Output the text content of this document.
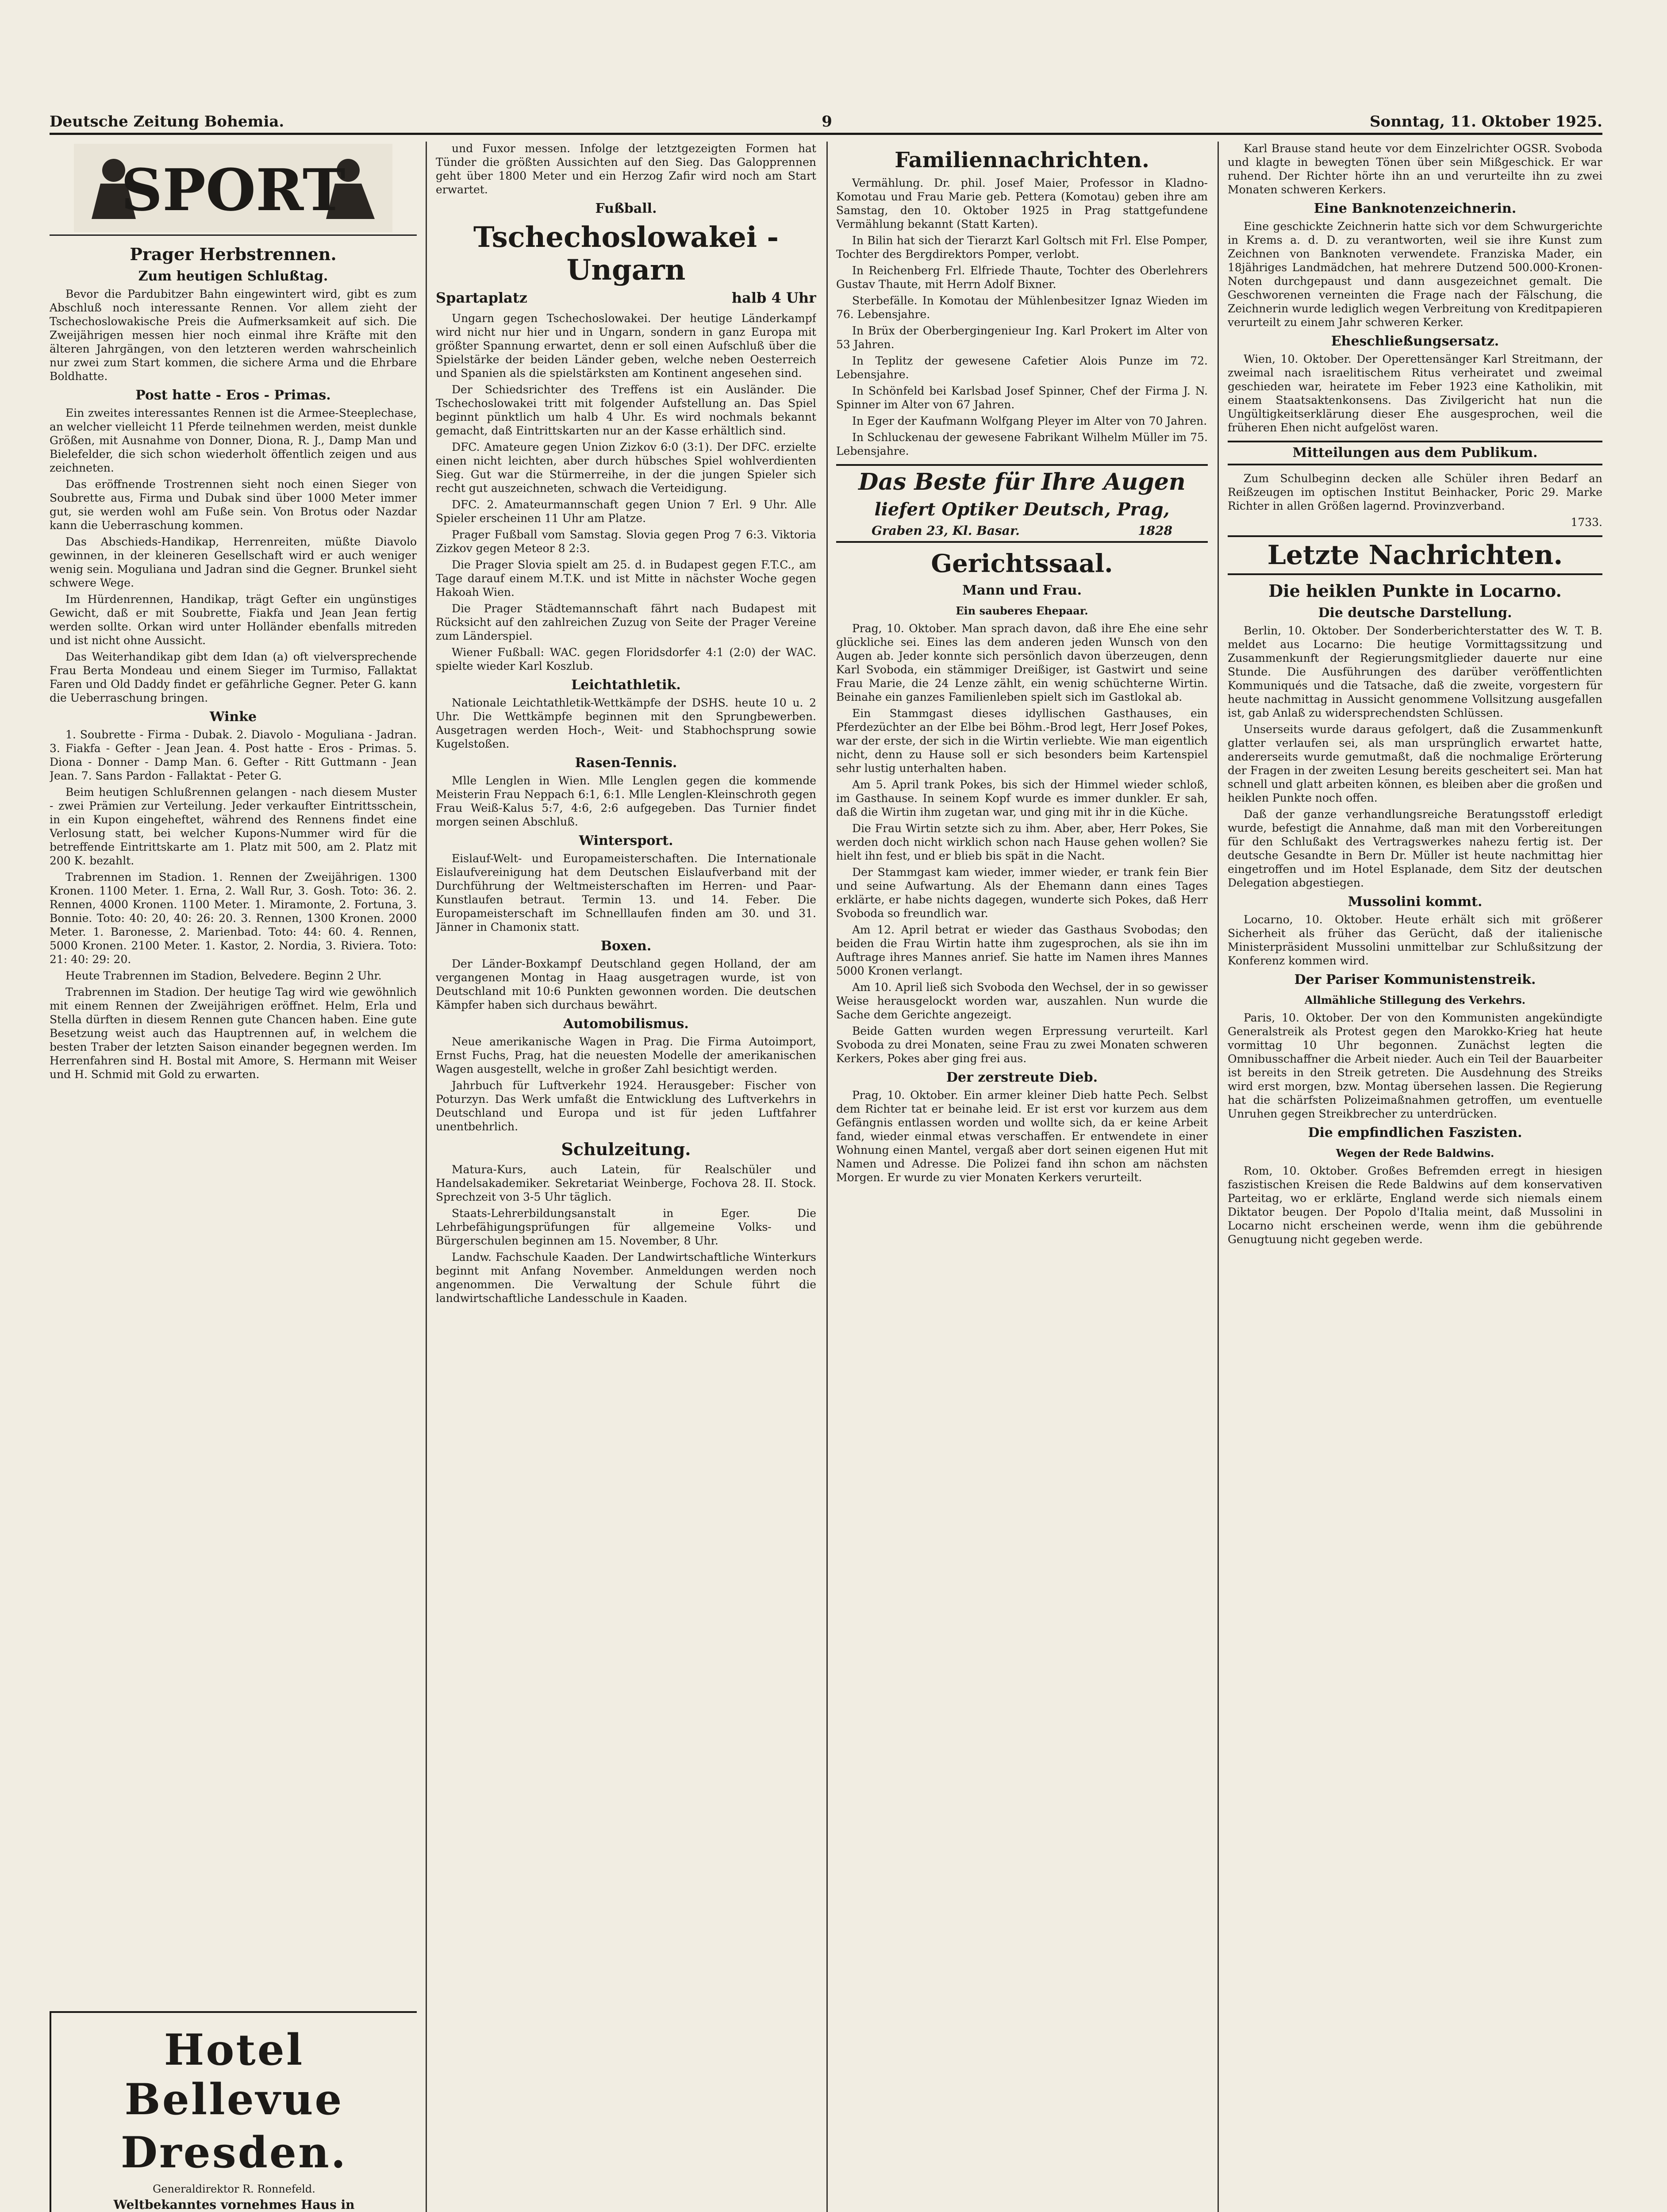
Deutsche Zeitung Bohemia.	9	Sonntag, 11. Oktober 1925.
SPORT
Prager Herbstrennen.
Zum heutigen Schlußtag.

Bevor die Pardubitzer Bahn eingewintert wird, gibt es zum Abschluß noch interessante Rennen. Vor allem zieht der Tschechoslowakische Preis die Aufmerksamkeit auf sich. Die Zweijährigen messen hier noch einmal ihre Kräfte mit den älteren Jahrgängen, von den letzteren werden wahrscheinlich nur zwei zum Start kommen, die sichere Arma und die Ehrbare Boldhatte.

Post hatte - Eros - Primas.

Ein zweites interessantes Rennen ist die Armee-Steeplechase, an welcher vielleicht 11 Pferde teilnehmen werden, meist dunkle Größen, mit Ausnahme von Donner, Diona, R. J., Damp Man und Bielefelder, die sich schon wiederholt öffentlich zeigen und aus zeichneten.

Das eröffnende Trostrennen sieht noch einen Sieger von Soubrette aus, Firma und Dubak sind über 1000 Meter immer gut, sie werden wohl am Fuße sein. Von Brotus oder Nazdar kann die Ueberraschung kommen.

Das Abschieds-Handikap, Herrenreiten, müßte Diavolo gewinnen, in der kleineren Gesellschaft wird er auch weniger wenig sein. Moguliana und Jadran sind die Gegner. Brunkel sieht schwere Wege.

Im Hürdenrennen, Handikap, trägt Gefter ein ungünstiges Gewicht, daß er mit Soubrette, Fiakfa und Jean Jean fertig werden sollte. Orkan wird unter Holländer ebenfalls mitreden und ist nicht ohne Aussicht.

Das Weiterhandikap gibt dem Idan (a) oft vielversprechende Frau Berta Mondeau und einem Sieger im Turmiso, Fallaktat Faren und Old Daddy findet er gefährliche Gegner. Peter G. kann die Ueberraschung bringen.

Winke

1. Soubrette - Firma - Dubak. 2. Diavolo - Moguliana - Jadran. 3. Fiakfa - Gefter - Jean Jean. 4. Post hatte - Eros - Primas. 5. Diona - Donner - Damp Man. 6. Gefter - Ritt Guttmann - Jean Jean. 7. Sans Pardon - Fallaktat - Peter G.

Beim heutigen Schlußrennen gelangen - nach diesem Muster - zwei Prämien zur Verteilung. Jeder verkaufter Eintrittsschein, in ein Kupon eingeheftet, während des Rennens findet eine Verlosung statt, bei welcher Kupons-Nummer wird für die betreffende Eintrittskarte am 1. Platz mit 500, am 2. Platz mit 200 K. bezahlt.

Trabrennen im Stadion. 1. Rennen der Zweijährigen. 1300 Kronen. 1100 Meter. 1. Erna, 2. Wall Rur, 3. Gosh. Toto: 36. 2. Rennen, 4000 Kronen. 1100 Meter. 1. Miramonte, 2. Fortuna, 3. Bonnie. Toto: 40: 20, 40: 26: 20. 3. Rennen, 1300 Kronen. 2000 Meter. 1. Baronesse, 2. Marienbad. Toto: 44: 60. 4. Rennen, 5000 Kronen. 2100 Meter. 1. Kastor, 2. Nordia, 3. Riviera. Toto: 21: 40: 29: 20.

Heute Trabrennen im Stadion, Belvedere. Beginn 2 Uhr.

Trabrennen im Stadion. Der heutige Tag wird wie gewöhnlich mit einem Rennen der Zweijährigen eröffnet. Helm, Erla und Stella dürften in diesem Rennen gute Chancen haben. Eine gute Besetzung weist auch das Hauptrennen auf, in welchem die besten Traber der letzten Saison einander begegnen werden. Im Herrenfahren sind H. Bostal mit Amore, S. Hermann mit Weiser und H. Schmid mit Gold zu erwarten.

Hotel Bellevue
Dresden.
Generaldirektor R. Ronnefeld.
Weltbekanntes vornehmes Haus in

und Fuxor messen. Infolge der letztgezeigten Formen hat Tünder die größten Aussichten auf den Sieg. Das Galopprennen geht über 1800 Meter und ein Herzog Zafir wird noch am Start erwartet.

Fußball.
Tschechoslowakei - Ungarn
Spartaplatz	halb 4 Uhr

Ungarn gegen Tschechoslowakei. Der heutige Länderkampf wird nicht nur hier und in Ungarn, sondern in ganz Europa mit größter Spannung erwartet, denn er soll einen Aufschluß über die Spielstärke der beiden Länder geben, welche neben Oesterreich und Spanien als die spielstärksten am Kontinent angesehen sind.

Der Schiedsrichter des Treffens ist ein Ausländer. Die Tschechoslowakei tritt mit folgender Aufstellung an. Das Spiel beginnt pünktlich um halb 4 Uhr. Es wird nochmals bekannt gemacht, daß Eintrittskarten nur an der Kasse erhältlich sind.

DFC. Amateure gegen Union Zizkov 6:0 (3:1). Der DFC. erzielte einen nicht leichten, aber durch hübsches Spiel wohlverdienten Sieg. Gut war die Stürmerreihe, in der die jungen Spieler sich recht gut auszeichneten, schwach die Verteidigung.

DFC. 2. Amateurmannschaft gegen Union 7 Erl. 9 Uhr. Alle Spieler erscheinen 11 Uhr am Platze.

Prager Fußball vom Samstag. Slovia gegen Prog 7 6:3. Viktoria Zizkov gegen Meteor 8 2:3.

Die Prager Slovia spielt am 25. d. in Budapest gegen F.T.C., am Tage darauf einem M.T.K. und ist Mitte in nächster Woche gegen Hakoah Wien.

Die Prager Städtemannschaft fährt nach Budapest mit Rücksicht auf den zahlreichen Zuzug von Seite der Prager Vereine zum Länderspiel.

Wiener Fußball: WAC. gegen Floridsdorfer 4:1 (2:0) der WAC. spielte wieder Karl Koszlub.

Leichtathletik.

Nationale Leichtathletik-Wettkämpfe der DSHS. heute 10 u. 2 Uhr. Die Wettkämpfe beginnen mit den Sprungbewerben. Ausgetragen werden Hoch-, Weit- und Stabhochsprung sowie Kugelstoßen.

Rasen-Tennis.

Mlle Lenglen in Wien. Mlle Lenglen gegen die kommende Meisterin Frau Neppach 6:1, 6:1. Mlle Lenglen-Kleinschroth gegen Frau Weiß-Kalus 5:7, 4:6, 2:6 aufgegeben. Das Turnier findet morgen seinen Abschluß.

Wintersport.

Eislauf-Welt- und Europameisterschaften. Die Internationale Eislaufvereinigung hat dem Deutschen Eislaufverband mit der Durchführung der Weltmeisterschaften im Herren- und Paar-Kunstlaufen betraut. Termin 13. und 14. Feber. Die Europameisterschaft im Schnelllaufen finden am 30. und 31. Jänner in Chamonix statt.

Boxen.

Der Länder-Boxkampf Deutschland gegen Holland, der am vergangenen Montag in Haag ausgetragen wurde, ist von Deutschland mit 10:6 Punkten gewonnen worden. Die deutschen Kämpfer haben sich durchaus bewährt.

Automobilismus.

Neue amerikanische Wagen in Prag. Die Firma Autoimport, Ernst Fuchs, Prag, hat die neuesten Modelle der amerikanischen Wagen ausgestellt, welche in großer Zahl besichtigt werden.

Jahrbuch für Luftverkehr 1924. Herausgeber: Fischer von Poturzyn. Das Werk umfaßt die Entwicklung des Luftverkehrs in Deutschland und Europa und ist für jeden Luftfahrer unentbehrlich.

Schulzeitung.

Matura-Kurs, auch Latein, für Realschüler und Handelsakademiker. Sekretariat Weinberge, Fochova 28. II. Stock. Sprechzeit von 3-5 Uhr täglich.

Staats-Lehrerbildungsanstalt in Eger. Die Lehrbefähigungsprüfungen für allgemeine Volks- und Bürgerschulen beginnen am 15. November, 8 Uhr.

Landw. Fachschule Kaaden. Der Landwirtschaftliche Winterkurs beginnt mit Anfang November. Anmeldungen werden noch angenommen. Die Verwaltung der Schule führt die landwirtschaftliche Landesschule in Kaaden.

Familiennachrichten.

Vermählung. Dr. phil. Josef Maier, Professor in Kladno-Komotau und Frau Marie geb. Pettera (Komotau) geben ihre am Samstag, den 10. Oktober 1925 in Prag stattgefundene Vermählung bekannt (Statt Karten).

In Bilin hat sich der Tierarzt Karl Goltsch mit Frl. Else Pomper, Tochter des Bergdirektors Pomper, verlobt.

In Reichenberg Frl. Elfriede Thaute, Tochter des Oberlehrers Gustav Thaute, mit Herrn Adolf Bixner.

Sterbefälle. In Komotau der Mühlenbesitzer Ignaz Wieden im 76. Lebensjahre.

In Brüx der Oberbergingenieur Ing. Karl Prokert im Alter von 53 Jahren.

In Teplitz der gewesene Cafetier Alois Punze im 72. Lebensjahre.

In Schönfeld bei Karlsbad Josef Spinner, Chef der Firma J. N. Spinner im Alter von 67 Jahren.

In Eger der Kaufmann Wolfgang Pleyer im Alter von 70 Jahren.

In Schluckenau der gewesene Fabrikant Wilhelm Müller im 75. Lebensjahre.

Das Beste für Ihre Augen
liefert Optiker Deutsch, Prag,
Graben 23, Kl. Basar.	1828
Gerichtssaal.
Mann und Frau.
Ein sauberes Ehepaar.

Prag, 10. Oktober. Man sprach davon, daß ihre Ehe eine sehr glückliche sei. Eines las dem anderen jeden Wunsch von den Augen ab. Jeder konnte sich persönlich davon überzeugen, denn Karl Svoboda, ein stämmiger Dreißiger, ist Gastwirt und seine Frau Marie, die 24 Lenze zählt, ein wenig schüchterne Wirtin. Beinahe ein ganzes Familienleben spielt sich im Gastlokal ab.

Ein Stammgast dieses idyllischen Gasthauses, ein Pferdezüchter an der Elbe bei Böhm.-Brod legt, Herr Josef Pokes, war der erste, der sich in die Wirtin verliebte. Wie man eigentlich nicht, denn zu Hause soll er sich besonders beim Kartenspiel sehr lustig unterhalten haben.

Am 5. April trank Pokes, bis sich der Himmel wieder schloß, im Gasthause. In seinem Kopf wurde es immer dunkler. Er sah, daß die Wirtin ihm zugetan war, und ging mit ihr in die Küche.

Die Frau Wirtin setzte sich zu ihm. Aber, aber, Herr Pokes, Sie werden doch nicht wirklich schon nach Hause gehen wollen? Sie hielt ihn fest, und er blieb bis spät in die Nacht.

Der Stammgast kam wieder, immer wieder, er trank fein Bier und seine Aufwartung. Als der Ehemann dann eines Tages erklärte, er habe nichts dagegen, wunderte sich Pokes, daß Herr Svoboda so freundlich war.

Am 12. April betrat er wieder das Gasthaus Svobodas; den beiden die Frau Wirtin hatte ihm zugesprochen, als sie ihn im Auftrage ihres Mannes anrief. Sie hatte im Namen ihres Mannes 5000 Kronen verlangt.

Am 10. April ließ sich Svoboda den Wechsel, der in so gewisser Weise herausgelockt worden war, auszahlen. Nun wurde die Sache dem Gerichte angezeigt.

Beide Gatten wurden wegen Erpressung verurteilt. Karl Svoboda zu drei Monaten, seine Frau zu zwei Monaten schweren Kerkers, Pokes aber ging frei aus.

Der zerstreute Dieb.

Prag, 10. Oktober. Ein armer kleiner Dieb hatte Pech. Selbst dem Richter tat er beinahe leid. Er ist erst vor kurzem aus dem Gefängnis entlassen worden und wollte sich, da er keine Arbeit fand, wieder einmal etwas verschaffen. Er entwendete in einer Wohnung einen Mantel, vergaß aber dort seinen eigenen Hut mit Namen und Adresse. Die Polizei fand ihn schon am nächsten Morgen. Er wurde zu vier Monaten Kerkers verurteilt.

Karl Brause stand heute vor dem Einzelrichter OGSR. Svoboda und klagte in bewegten Tönen über sein Mißgeschick. Er war ruhend. Der Richter hörte ihn an und verurteilte ihn zu zwei Monaten schweren Kerkers.

Eine Banknotenzeichnerin.

Eine geschickte Zeichnerin hatte sich vor dem Schwurgerichte in Krems a. d. D. zu verantworten, weil sie ihre Kunst zum Zeichnen von Banknoten verwendete. Franziska Mader, ein 18jähriges Landmädchen, hat mehrere Dutzend 500.000-Kronen-Noten durchgepaust und dann ausgezeichnet gemalt. Die Geschworenen verneinten die Frage nach der Fälschung, die Zeichnerin wurde lediglich wegen Verbreitung von Kreditpapieren verurteilt zu einem Jahr schweren Kerker.

Eheschließungsersatz.

Wien, 10. Oktober. Der Operettensänger Karl Streitmann, der zweimal nach israelitischem Ritus verheiratet und zweimal geschieden war, heiratete im Feber 1923 eine Katholikin, mit einem Staatsaktenkonsens. Das Zivilgericht hat nun die Ungültigkeitserklärung dieser Ehe ausgesprochen, weil die früheren Ehen nicht aufgelöst waren.

Mitteilungen aus dem Publikum.

Zum Schulbeginn decken alle Schüler ihren Bedarf an Reißzeugen im optischen Institut Beinhacker, Poric 29. Marke Richter in allen Größen lagernd. Provinzverband.

1733.

Letzte Nachrichten.
Die heiklen Punkte in Locarno.
Die deutsche Darstellung.

Berlin, 10. Oktober. Der Sonderberichterstatter des W. T. B. meldet aus Locarno: Die heutige Vormittagssitzung und Zusammenkunft der Regierungsmitglieder dauerte nur eine Stunde. Die Ausführungen des darüber veröffentlichten Kommuniqués und die Tatsache, daß die zweite, vorgestern für heute nachmittag in Aussicht genommene Vollsitzung ausgefallen ist, gab Anlaß zu widersprechendsten Schlüssen.

Unserseits wurde daraus gefolgert, daß die Zusammenkunft glatter verlaufen sei, als man ursprünglich erwartet hatte, andererseits wurde gemutmaßt, daß die nochmalige Erörterung der Fragen in der zweiten Lesung bereits gescheitert sei. Man hat schnell und glatt arbeiten können, es bleiben aber die großen und heiklen Punkte noch offen.

Daß der ganze verhandlungsreiche Beratungsstoff erledigt wurde, befestigt die Annahme, daß man mit den Vorbereitungen für den Schlußakt des Vertragswerkes nahezu fertig ist. Der deutsche Gesandte in Bern Dr. Müller ist heute nachmittag hier eingetroffen und im Hotel Esplanade, dem Sitz der deutschen Delegation abgestiegen.

Mussolini kommt.

Locarno, 10. Oktober. Heute erhält sich mit größerer Sicherheit als früher das Gerücht, daß der italienische Ministerpräsident Mussolini unmittelbar zur Schlußsitzung der Konferenz kommen wird.

Der Pariser Kommunistenstreik.
Allmähliche Stillegung des Verkehrs.

Paris, 10. Oktober. Der von den Kommunisten angekündigte Generalstreik als Protest gegen den Marokko-Krieg hat heute vormittag 10 Uhr begonnen. Zunächst legten die Omnibusschaffner die Arbeit nieder. Auch ein Teil der Bauarbeiter ist bereits in den Streik getreten. Die Ausdehnung des Streiks wird erst morgen, bzw. Montag übersehen lassen. Die Regierung hat die schärfsten Polizeimaßnahmen getroffen, um eventuelle Unruhen gegen Streikbrecher zu unterdrücken.

Die empfindlichen Faszisten.
Wegen der Rede Baldwins.

Rom, 10. Oktober. Großes Befremden erregt in hiesigen faszistischen Kreisen die Rede Baldwins auf dem konservativen Parteitag, wo er erklärte, England werde sich niemals einem Diktator beugen. Der Popolo d'Italia meint, daß Mussolini in Locarno nicht erscheinen werde, wenn ihm die gebührende Genugtuung nicht gegeben werde.
